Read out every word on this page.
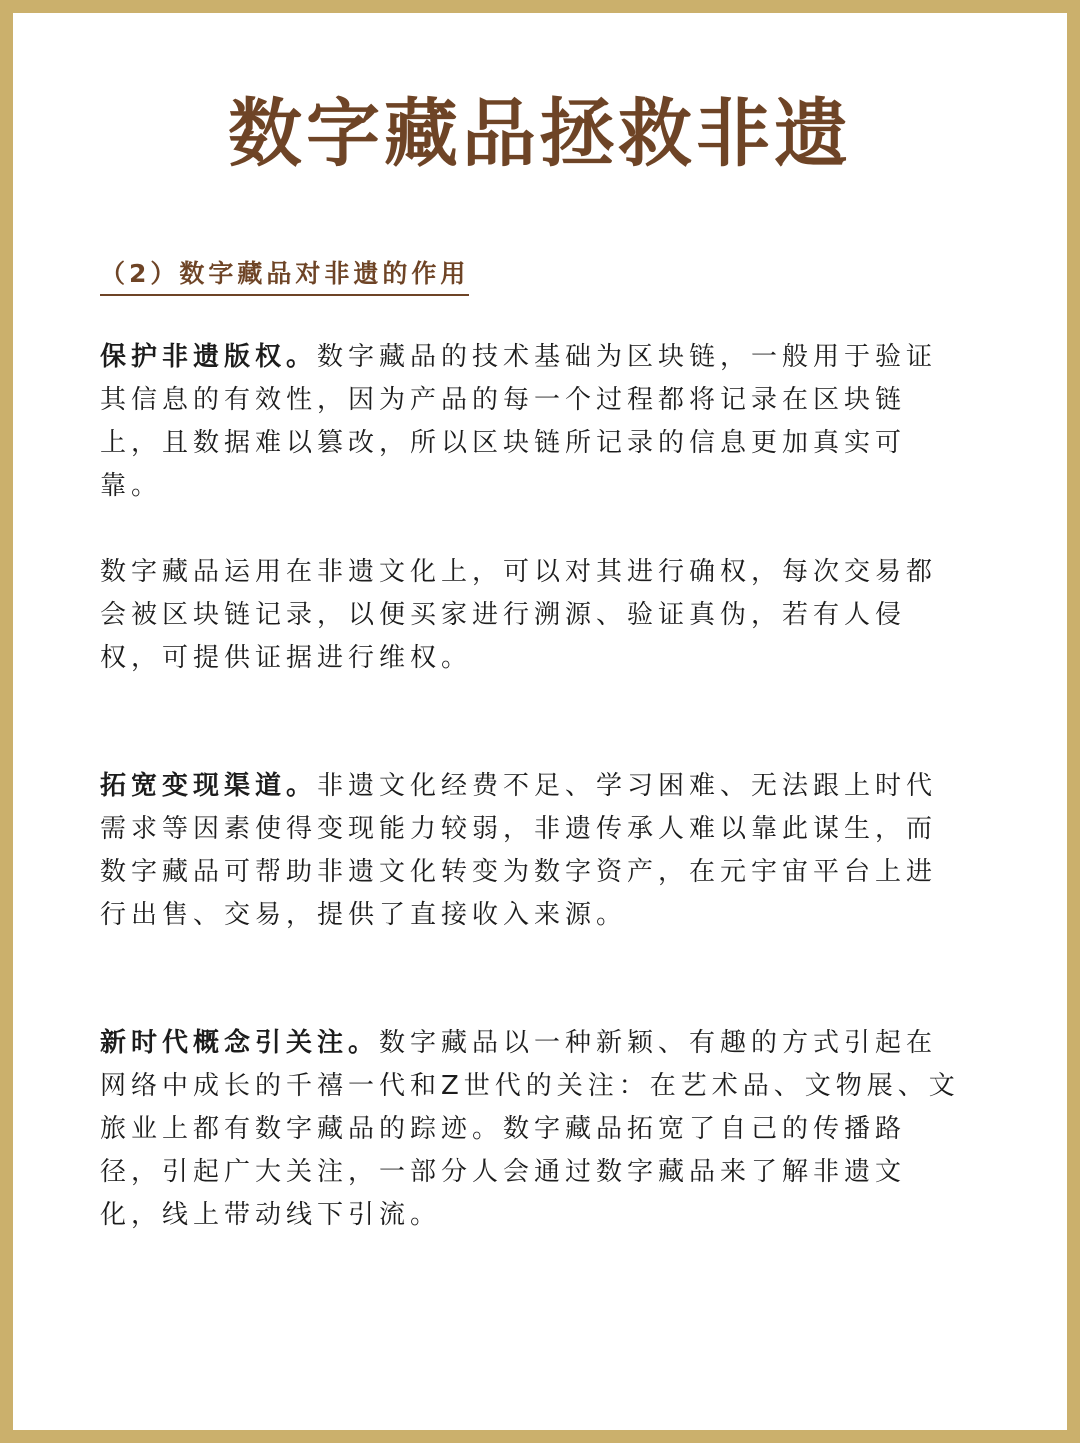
数字藏品拯救非遗
（2）数字藏品对非遗的作用

保护非遗版权。数字藏品的技术基础为区块链，一般用于验证其信息的有效性，因为产品的每一个过程都将记录在区块链上，且数据难以篡改，所以区块链所记录的信息更加真实可靠。

数字藏品运用在非遗文化上，可以对其进行确权，每次交易都会被区块链记录，以便买家进行溯源、验证真伪，若有人侵权，可提供证据进行维权。

拓宽变现渠道。非遗文化经费不足、学习困难、无法跟上时代需求等因素使得变现能力较弱，非遗传承人难以靠此谋生，而数字藏品可帮助非遗文化转变为数字资产，在元宇宙平台上进行出售、交易，提供了直接收入来源。

新时代概念引关注。数字藏品以一种新颖、有趣的方式引起在网络中成长的千禧一代和Z世代的关注：在艺术品、文物展、文旅业上都有数字藏品的踪迹。数字藏品拓宽了自己的传播路径，引起广大关注，一部分人会通过数字藏品来了解非遗文化，线上带动线下引流。
